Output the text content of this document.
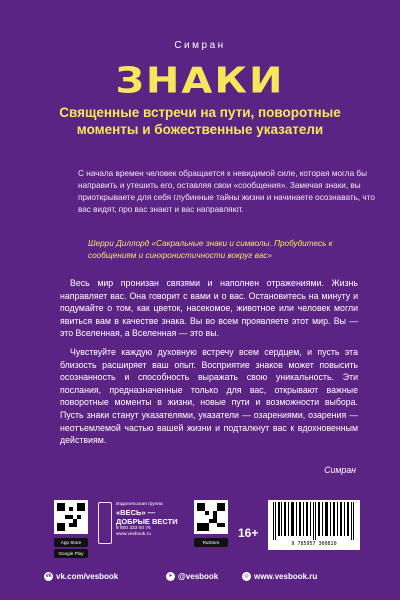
Симран
ЗНАКИ
Священные встречи на пути, поворотные моменты и божественные указатели
С начала времен человек обращается к невидимой силе, которая могла бы направить и утешить его, оставляя свои «сообщения». Замечая знаки, вы приоткрываете для себя глубинные тайны жизни и начинаете осознавать, что вас видят, про вас знают и вас направляют.
Шерри Диллорд «Сакральные знаки и символы. Пробудитесь к сообщениям и синхронистичности вокруг вас»

Весь мир пронизан связями и наполнен отражениями. Жизнь направляет вас. Она говорит с вами и о вас. Остановитесь на минуту и подумайте о том, как цветок, насекомое, животное или человек могли явиться вам в качестве знака. Вы во всем проявляете этот мир. Вы — это Вселенная, а Вселенная — это вы.

Чувствуйте каждую духовную встречу всем сердцем, и пусть эта близость расширяет ваш опыт. Восприятие знаков может повысить осознанность и способность выражать свою уникальность. Эти послания, предназначенные только для вас, открывают важные поворотные моменты в жизни, новые пути и возможности выбора. Пусть знаки станут указателями, указатели — озарениями, озарения — неотъемлемой частью вашей жизни и подталкнут вас к вдохновенным действиям.

Симран
App Store
Google Play
Издательская группа
«ВЕСЬ» —
ДОБРЫЕ ВЕСТИ
8 800 333 00 76
www.vesbook.ru
RuStore
16+
9 785957 360810
vk vk.com/vesbook	➤ @vesbook	◎ www.vesbook.ru
